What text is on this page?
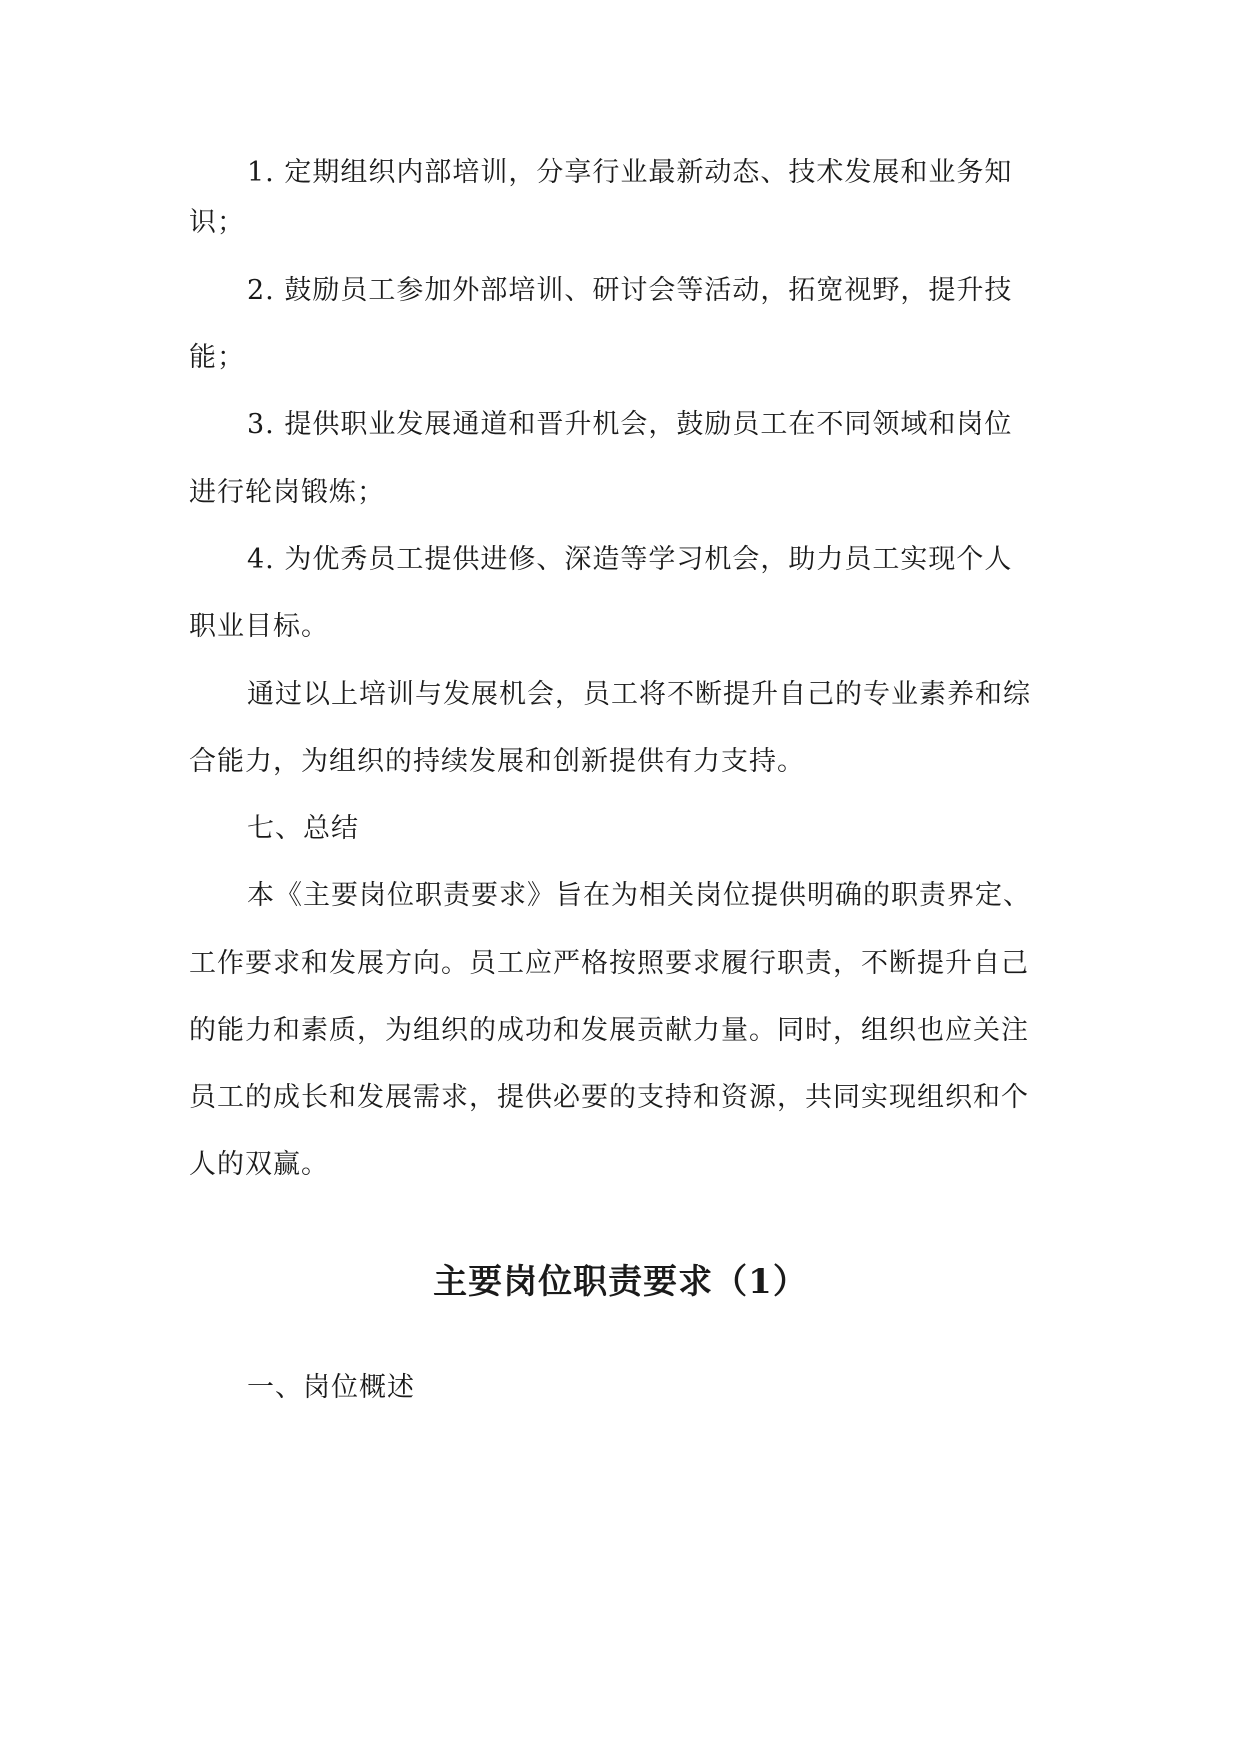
1. 定期组织内部培训，分享行业最新动态、技术发展和业务知
识；
2. 鼓励员工参加外部培训、研讨会等活动，拓宽视野，提升技
能；
3. 提供职业发展通道和晋升机会，鼓励员工在不同领域和岗位
进行轮岗锻炼；
4. 为优秀员工提供进修、深造等学习机会，助力员工实现个人
职业目标。
通过以上培训与发展机会，员工将不断提升自己的专业素养和综
合能力，为组织的持续发展和创新提供有力支持。
七、总结
本《主要岗位职责要求》旨在为相关岗位提供明确的职责界定、
工作要求和发展方向。员工应严格按照要求履行职责，不断提升自己
的能力和素质，为组织的成功和发展贡献力量。同时，组织也应关注
员工的成长和发展需求，提供必要的支持和资源，共同实现组织和个
人的双赢。
主要岗位职责要求（1）
一、岗位概述
